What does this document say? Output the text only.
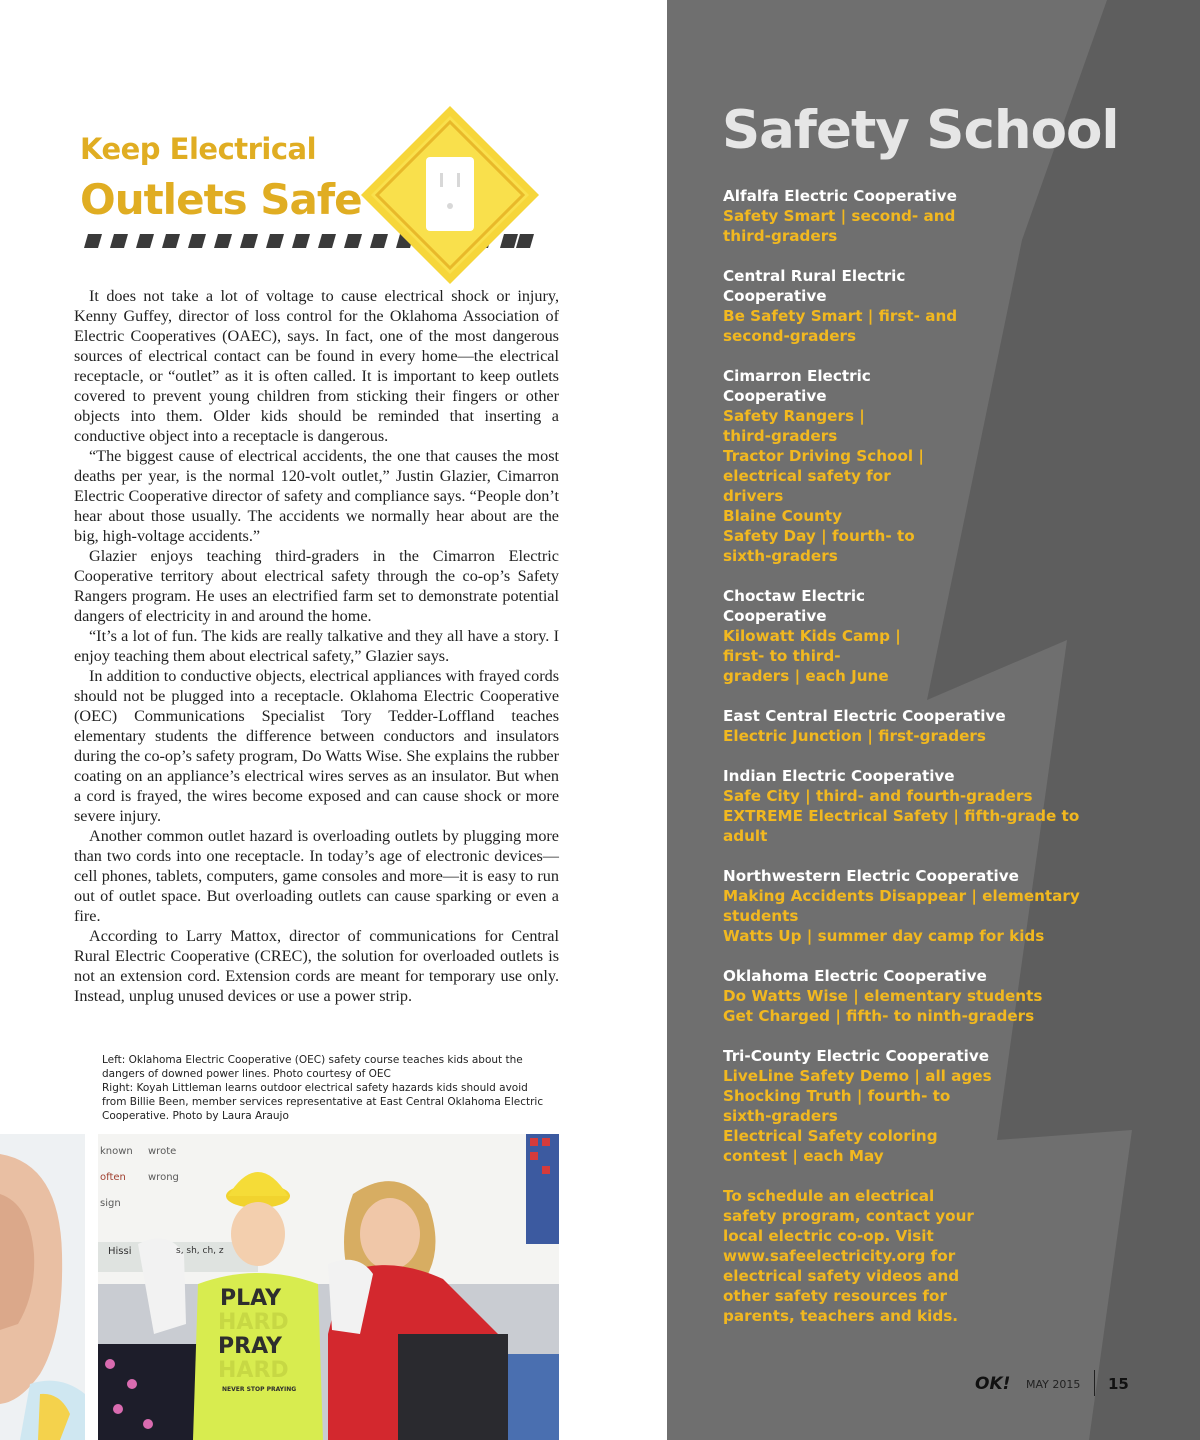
Keep Electrical
Outlets Safe

It does not take a lot of voltage to cause electrical shock or injury, Kenny Guffey, director of loss control for the Oklahoma Association of Electric Cooperatives (OAEC), says. In fact, one of the most dangerous sources of electrical contact can be found in every home—the electrical receptacle, or “outlet” as it is often called. It is important to keep outlets covered to prevent young children from sticking their fingers or other objects into them. Older kids should be reminded that inserting a conductive object into a receptacle is dangerous.

“The biggest cause of electrical accidents, the one that causes the most deaths per year, is the normal 120-volt outlet,” Justin Glazier, Cimarron Electric Cooperative director of safety and compliance says. “People don’t hear about those usually. The accidents we normally hear about are the big, high-voltage accidents.”

Glazier enjoys teaching third-graders in the Cimarron Electric Cooperative territory about electrical safety through the co-op’s Safety Rangers program. He uses an electrified farm set to demonstrate potential dangers of electricity in and around the home.

“It’s a lot of fun. The kids are really talkative and they all have a story. I enjoy teaching them about electrical safety,” Glazier says.

In addition to conductive objects, electrical appliances with frayed cords should not be plugged into a receptacle. Oklahoma Electric Cooperative (OEC) Communications Specialist Tory Tedder-Loffland teaches elementary students the difference between conductors and insulators during the co-op’s safety program, Do Watts Wise. She explains the rubber coating on an appliance’s electrical wires serves as an insulator. But when a cord is frayed, the wires become exposed and can cause shock or more severe injury.

Another common outlet hazard is overloading outlets by plugging more than two cords into one receptacle. In today’s age of electronic devices—cell phones, tablets, computers, game consoles and more—it is easy to run out of outlet space. But overloading outlets can cause sparking or even a fire.

According to Larry Mattox, director of communications for Central Rural Electric Cooperative (CREC), the solution for overloaded outlets is not an extension cord. Extension cords are meant for temporary use only. Instead, unplug unused devices or use a power strip.

Left: Oklahoma Electric Cooperative (OEC) safety course teaches kids about the
dangers of downed power lines. Photo courtesy of OEC
Right: Koyah Littleman learns outdoor electrical safety hazards kids should avoid
from Billie Been, member services representative at East Central Oklahoma Electric
Cooperative. Photo by Laura Araujo
known wrote
often wrong
sign
Hissi	s, sh, ch, z
PLAY
HARD
PRAY
HARD
NEVER STOP PRAYING
Safety School
Alfalfa Electric Cooperative
Safety Smart | second- and
third-graders
Central Rural Electric
Cooperative
Be Safety Smart | first- and
second-graders
Cimarron Electric
Cooperative
Safety Rangers |
third-graders
Tractor Driving School |
electrical safety for
drivers
Blaine County
Safety Day | fourth- to
sixth-graders
Choctaw Electric
Cooperative
Kilowatt Kids Camp |
first- to third-
graders | each June
East Central Electric Cooperative
Electric Junction | first-graders
Indian Electric Cooperative
Safe City | third- and fourth-graders
EXTREME Electrical Safety | fifth-grade to
adult
Northwestern Electric Cooperative
Making Accidents Disappear | elementary
students
Watts Up | summer day camp for kids
Oklahoma Electric Cooperative
Do Watts Wise | elementary students
Get Charged | fifth- to ninth-graders
Tri-County Electric Cooperative
LiveLine Safety Demo | all ages
Shocking Truth | fourth- to
sixth-graders
Electrical Safety coloring
contest | each May
To schedule an electrical
safety program, contact your
local electric co-op. Visit
www.safeelectricity.org for
electrical safety videos and
other safety resources for
parents, teachers and kids.
OK! MAY 2015 15
